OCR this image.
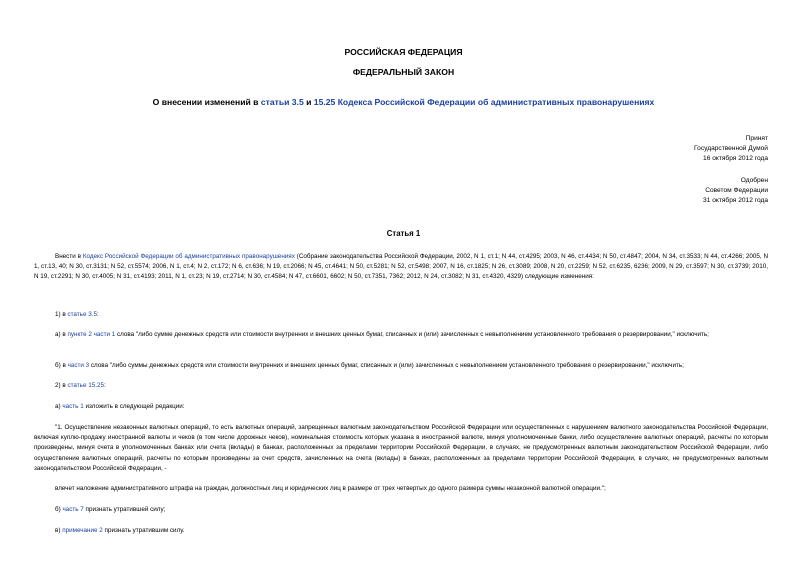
РОССИЙСКАЯ ФЕДЕРАЦИЯ
ФЕДЕРАЛЬНЫЙ ЗАКОН
О внесении изменений в статьи 3.5 и 15.25 Кодекса Российской Федерации об административных правонарушениях
Принят
Государственной Думой
16 октября 2012 года
Одобрен
Советом Федерации
31 октября 2012 года
Статья 1
Внести в Кодекс Российской Федерации об административных правонарушениях (Собрание законодательства Российской Федерации, 2002, N 1, ст.1; N 44, ст.4295; 2003, N 46, ст.4434; N 50, ст.4847; 2004, N 34, ст.3533; N 44, ст.4266; 2005, N 1, ст.13, 40; N 30, ст.3131; N 52, ст.5574; 2006, N 1, ст.4; N 2, ст.172; N 6, ст.636; N 19, ст.2066; N 45, ст.4641; N 50, ст.5281; N 52, ст.5498; 2007, N 16, ст.1825; N 26, ст.3089; 2008, N 20, ст.2259; N 52, ст.6235, 6236; 2009, N 29, ст.3597; N 30, ст.3739; 2010, N 19, ст.2291; N 30, ст.4005; N 31, ст.4193; 2011, N 1, ст.23; N 19, ст.2714; N 30, ст.4584; N 47, ст.6601, 6602; N 50, ст.7351, 7362; 2012, N 24, ст.3082; N 31, ст.4320, 4329) следующие изменения:
1) в статье 3.5:
а) в пункте 2 части 1 слова "либо сумме денежных средств или стоимости внутренних и внешних ценных бумаг, списанных и (или) зачисленных с невыполнением установленного требования о резервировании," исключить;
б) в части 3 слова "либо суммы денежных средств или стоимости внутренних и внешних ценных бумаг, списанных и (или) зачисленных с невыполнением установленного требования о резервировании," исключить;
2) в статье 15.25:
а) часть 1 изложить в следующей редакции:
"1. Осуществление незаконных валютных операций, то есть валютных операций, запрещенных валютным законодательством Российской Федерации или осуществленных с нарушением валютного законодательства Российской Федерации, включая куплю-продажу иностранной валюты и чеков (в том числе дорожных чеков), номинальная стоимость которых указана в иностранной валюте, минуя уполномоченные банки, либо осуществление валютных операций, расчеты по которым произведены, минуя счета в уполномоченных банках или счета (вклады) в банках, расположенных за пределами территории Российской Федерации, в случаях, не предусмотренных валютным законодательством Российской Федерации, либо осуществление валютных операций, расчеты по которым произведены за счет средств, зачисленных на счета (вклады) в банках, расположенных за пределами территории Российской Федерации, в случаях, не предусмотренных валютным законодательством Российской Федерации, -
влечет наложение административного штрафа на граждан, должностных лиц и юридических лиц в размере от трех четвертых до одного размера суммы незаконной валютной операции.";
б) часть 7 признать утратившей силу;
в) примечание 2 признать утратившим силу.
